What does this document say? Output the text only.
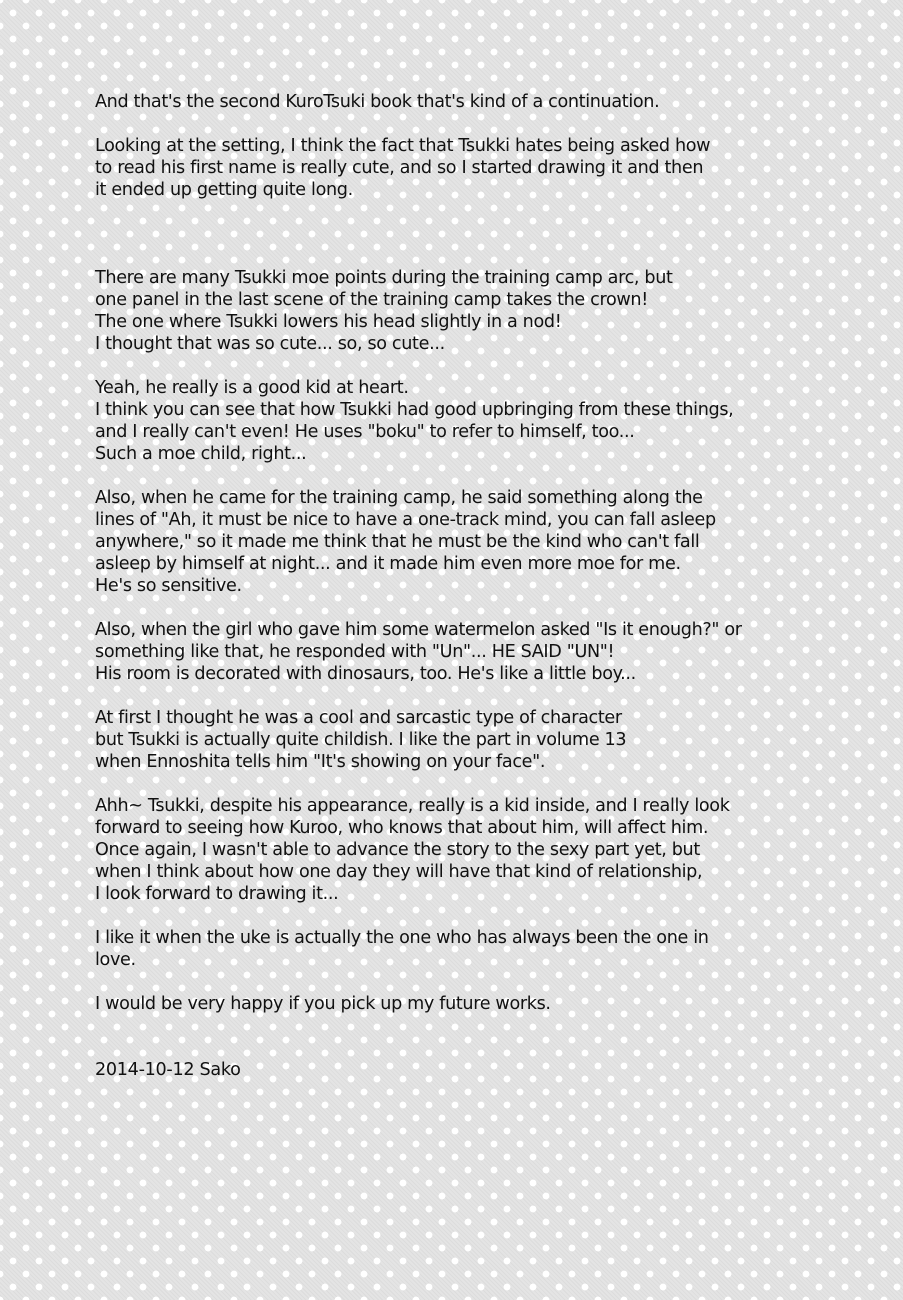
And that's the second KuroTsuki book that's kind of a continuation.

Looking at the setting, I think the fact that Tsukki hates being asked how
to read his first name is really cute, and so I started drawing it and then
it ended up getting quite long.

There are many Tsukki moe points during the training camp arc, but
one panel in the last scene of the training camp takes the crown!
The one where Tsukki lowers his head slightly in a nod!
I thought that was so cute... so, so cute...

Yeah, he really is a good kid at heart.
I think you can see that how Tsukki had good upbringing from these things,
and I really can't even! He uses "boku" to refer to himself, too...
Such a moe child, right...

Also, when he came for the training camp, he said something along the
lines of "Ah, it must be nice to have a one-track mind, you can fall asleep
anywhere," so it made me think that he must be the kind who can't fall
asleep by himself at night... and it made him even more moe for me.
He's so sensitive.

Also, when the girl who gave him some watermelon asked "Is it enough?" or
something like that, he responded with "Un"... HE SAID "UN"!
His room is decorated with dinosaurs, too. He's like a little boy...

At first I thought he was a cool and sarcastic type of character
but Tsukki is actually quite childish. I like the part in volume 13
when Ennoshita tells him "It's showing on your face".

Ahh~ Tsukki, despite his appearance, really is a kid inside, and I really look
forward to seeing how Kuroo, who knows that about him, will affect him.
Once again, I wasn't able to advance the story to the sexy part yet, but
when I think about how one day they will have that kind of relationship,
I look forward to drawing it...

I like it when the uke is actually the one who has always been the one in
love.

I would be very happy if you pick up my future works.

2014-10-12 Sako
